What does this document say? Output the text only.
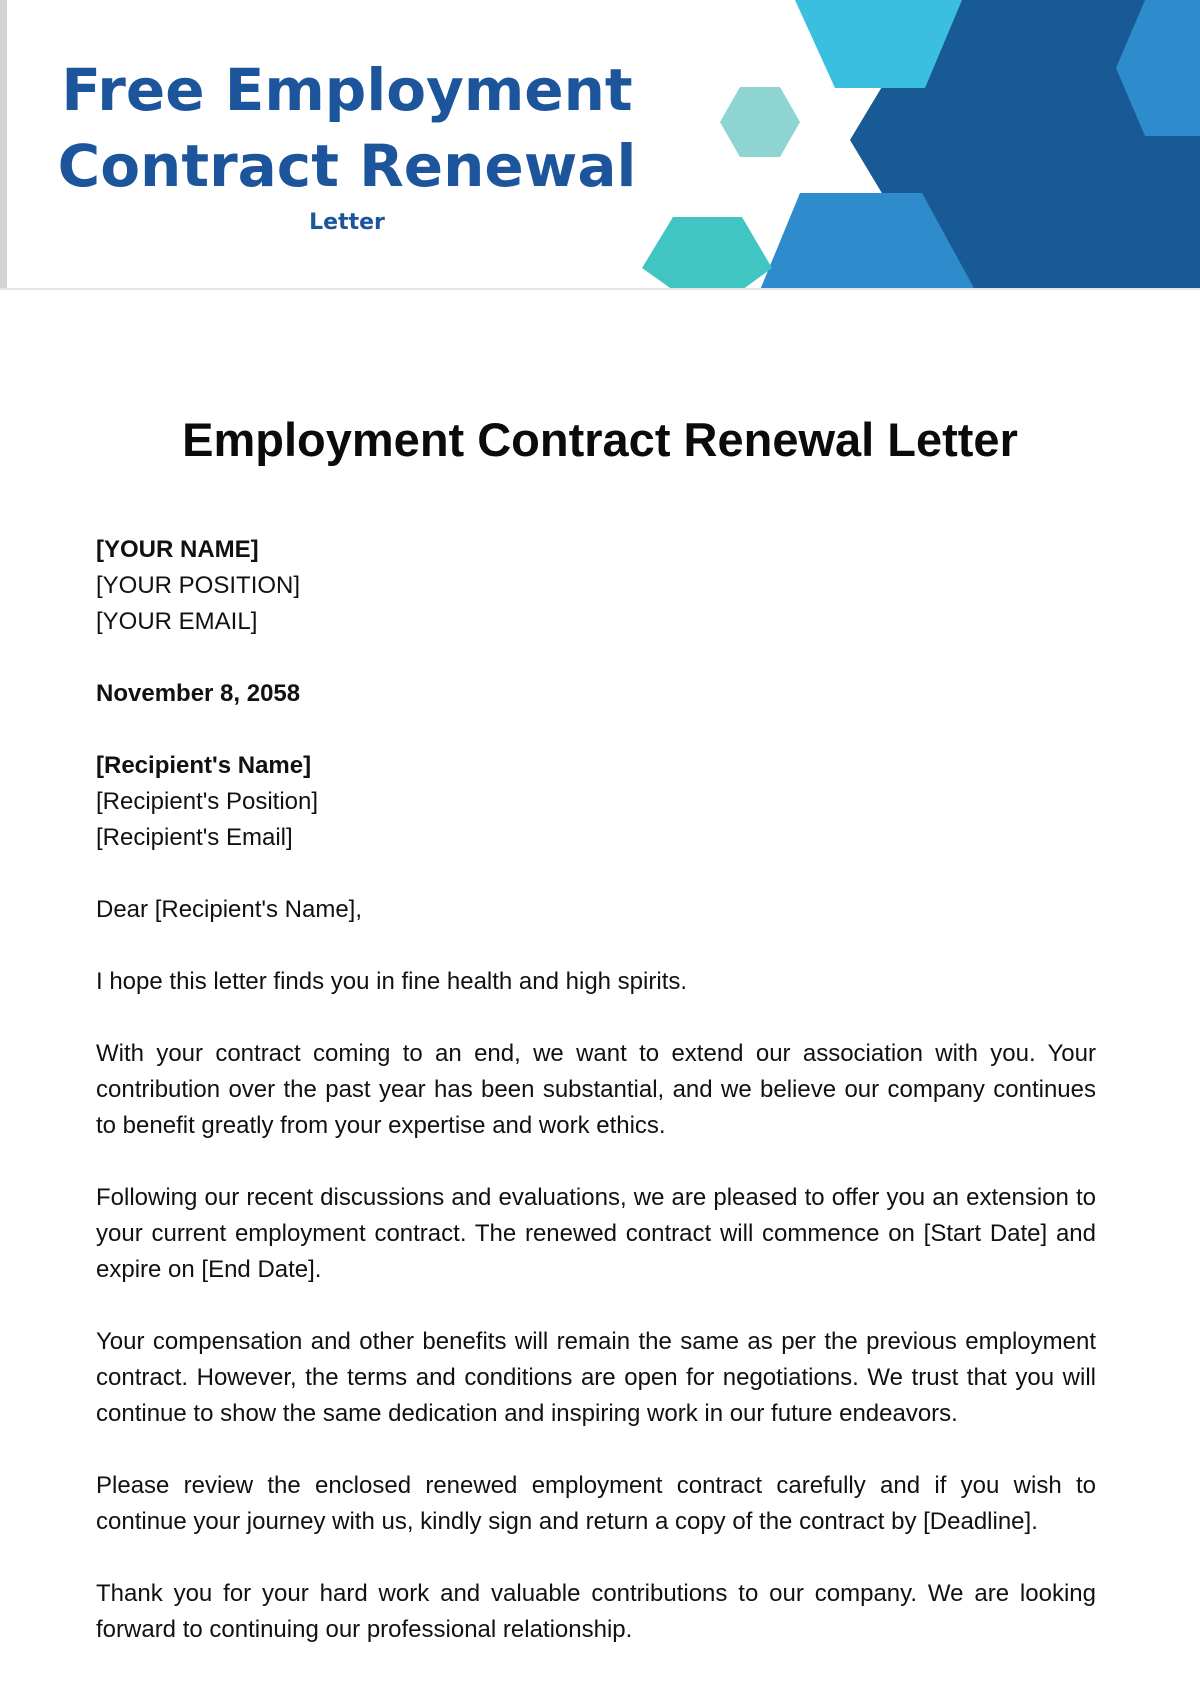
Free Employment
Contract Renewal
Letter
Employment Contract Renewal Letter
[YOUR NAME]
[YOUR POSITION]
[YOUR EMAIL]
November 8, 2058
[Recipient's Name]
[Recipient's Position]
[Recipient's Email]
Dear [Recipient's Name],

I hope this letter finds you in fine health and high spirits.

With your contract coming to an end, we want to extend our association with you. Your contribution over the past year has been substantial, and we believe our company continues to benefit greatly from your expertise and work ethics.

Following our recent discussions and evaluations, we are pleased to offer you an extension to your current employment contract. The renewed contract will commence on [Start Date] and expire on [End Date].

Your compensation and other benefits will remain the same as per the previous employment contract. However, the terms and conditions are open for negotiations. We trust that you will continue to show the same dedication and inspiring work in our future endeavors.

Please review the enclosed renewed employment contract carefully and if you wish to continue your journey with us, kindly sign and return a copy of the contract by [Deadline].

Thank you for your hard work and valuable contributions to our company. We are looking forward to continuing our professional relationship.
